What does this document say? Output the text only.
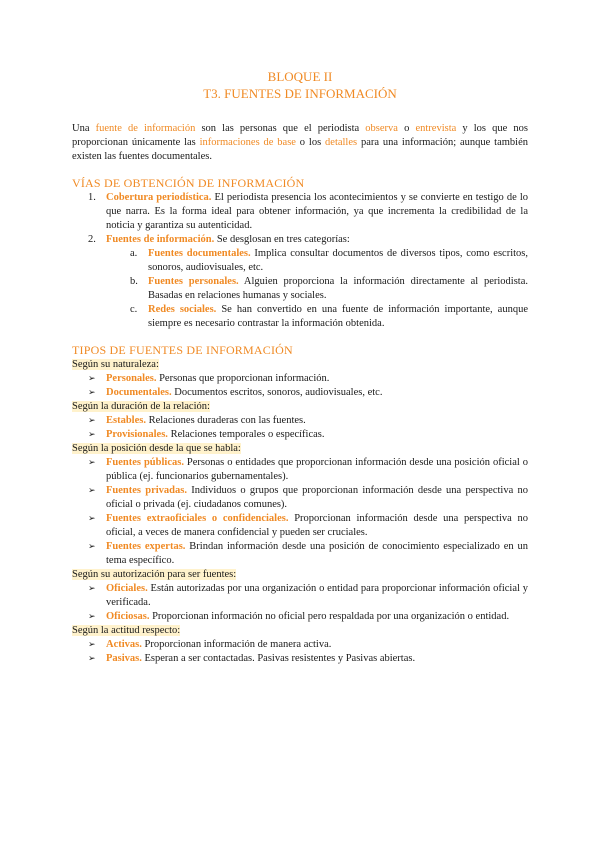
BLOQUE II
T3. FUENTES DE INFORMACIÓN
Una fuente de información son las personas que el periodista observa o entrevista y los que nos proporcionan únicamente las informaciones de base o los detalles para una información; aunque también existen las fuentes documentales.
VÍAS DE OBTENCIÓN DE INFORMACIÓN
1. Cobertura periodística. El periodista presencia los acontecimientos y se convierte en testigo de lo que narra. Es la forma ideal para obtener información, ya que incrementa la credibilidad de la noticia y garantiza su autenticidad.
2. Fuentes de información. Se desglosan en tres categorías:
a. Fuentes documentales. Implica consultar documentos de diversos tipos, como escritos, sonoros, audiovisuales, etc.
b. Fuentes personales. Alguien proporciona la información directamente al periodista. Basadas en relaciones humanas y sociales.
c. Redes sociales. Se han convertido en una fuente de información importante, aunque siempre es necesario contrastar la información obtenida.
TIPOS DE FUENTES DE INFORMACIÓN
Según su naturaleza:
➢ Personales. Personas que proporcionan información.
➢ Documentales. Documentos escritos, sonoros, audiovisuales, etc.
Según la duración de la relación:
➢ Estables. Relaciones duraderas con las fuentes.
➢ Provisionales. Relaciones temporales o específicas.
Según la posición desde la que se habla:
➢ Fuentes públicas. Personas o entidades que proporcionan información desde una posición oficial o pública (ej. funcionarios gubernamentales).
➢ Fuentes privadas. Individuos o grupos que proporcionan información desde una perspectiva no oficial o privada (ej. ciudadanos comunes).
➢ Fuentes extraoficiales o confidenciales. Proporcionan información desde una perspectiva no oficial, a veces de manera confidencial y pueden ser cruciales.
➢ Fuentes expertas. Brindan información desde una posición de conocimiento especializado en un tema específico.
Según su autorización para ser fuentes:
➢ Oficiales. Están autorizadas por una organización o entidad para proporcionar información oficial y verificada.
➢ Oficiosas. Proporcionan información no oficial pero respaldada por una organización o entidad.
Según la actitud respecto:
➢ Activas. Proporcionan información de manera activa.
➢ Pasivas. Esperan a ser contactadas. Pasivas resistentes y Pasivas abiertas.
